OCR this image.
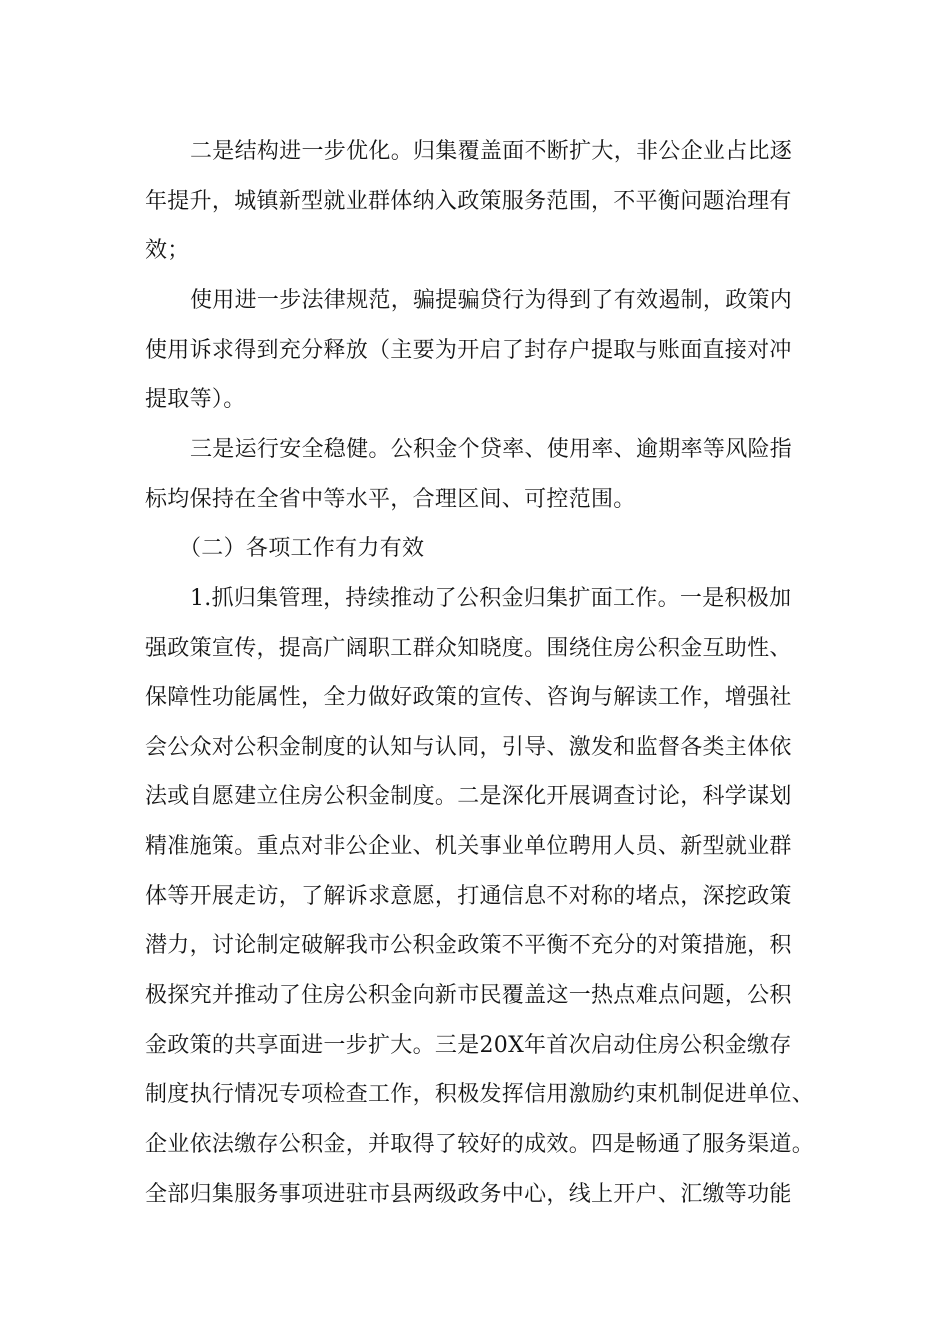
二是结构进一步优化。归集覆盖面不断扩大，非公企业占比逐
年提升，城镇新型就业群体纳入政策服务范围，不平衡问题治理有
效；
使用进一步法律规范，骗提骗贷行为得到了有效遏制，政策内
使用诉求得到充分释放（主要为开启了封存户提取与账面直接对冲
提取等）。
三是运行安全稳健。公积金个贷率、使用率、逾期率等风险指
标均保持在全省中等水平，合理区间、可控范围。
（二）各项工作有力有效
1.抓归集管理，持续推动了公积金归集扩面工作。一是积极加
强政策宣传，提高广阔职工群众知晓度。围绕住房公积金互助性、
保障性功能属性，全力做好政策的宣传、咨询与解读工作，增强社
会公众对公积金制度的认知与认同，引导、激发和监督各类主体依
法或自愿建立住房公积金制度。二是深化开展调查讨论，科学谋划
精准施策。重点对非公企业、机关事业单位聘用人员、新型就业群
体等开展走访，了解诉求意愿，打通信息不对称的堵点，深挖政策
潜力，讨论制定破解我市公积金政策不平衡不充分的对策措施，积
极探究并推动了住房公积金向新市民覆盖这一热点难点问题，公积
金政策的共享面进一步扩大。三是20X年首次启动住房公积金缴存
制度执行情况专项检查工作，积极发挥信用激励约束机制促进单位、
企业依法缴存公积金，并取得了较好的成效。四是畅通了服务渠道。
全部归集服务事项进驻市县两级政务中心，线上开户、汇缴等功能
